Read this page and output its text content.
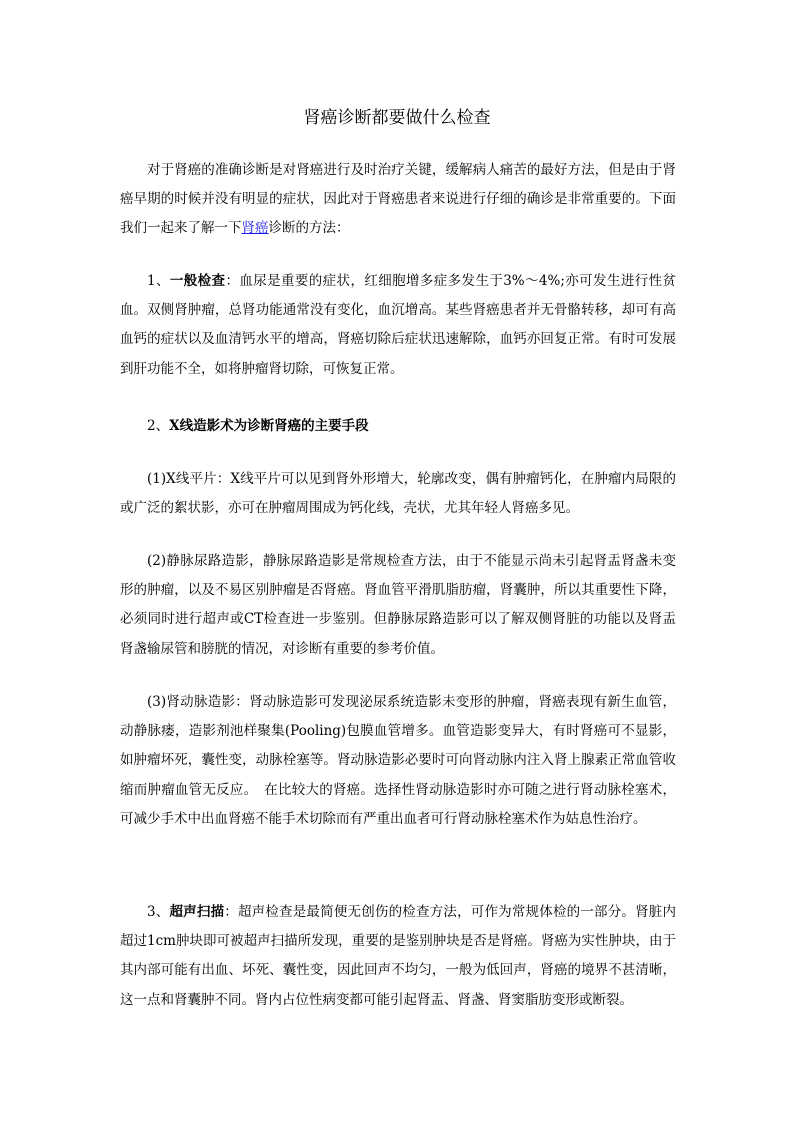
肾癌诊断都要做什么检查

对于肾癌的准确诊断是对肾癌进行及时治疗关键，缓解病人痛苦的最好方法，但是由于肾癌早期的时候并没有明显的症状，因此对于肾癌患者来说进行仔细的确诊是非常重要的。下面我们一起来了解一下肾癌诊断的方法：

1、一般检查：血尿是重要的症状，红细胞增多症多发生于3%～4%;亦可发生进行性贫血。双侧肾肿瘤，总肾功能通常没有变化，血沉增高。某些肾癌患者并无骨骼转移，却可有高血钙的症状以及血清钙水平的增高，肾癌切除后症状迅速解除，血钙亦回复正常。有时可发展到肝功能不全，如将肿瘤肾切除，可恢复正常。

2、X线造影术为诊断肾癌的主要手段

(1)X线平片：X线平片可以见到肾外形增大，轮廓改变，偶有肿瘤钙化，在肿瘤内局限的或广泛的絮状影，亦可在肿瘤周围成为钙化线，壳状，尤其年轻人肾癌多见。

(2)静脉尿路造影，静脉尿路造影是常规检查方法，由于不能显示尚未引起肾盂肾盏未变形的肿瘤，以及不易区别肿瘤是否肾癌。肾血管平滑肌脂肪瘤，肾囊肿，所以其重要性下降，必须同时进行超声或CT检查进一步鉴别。但静脉尿路造影可以了解双侧肾脏的功能以及肾盂肾盏输尿管和膀胱的情况，对诊断有重要的参考价值。

(3)肾动脉造影：肾动脉造影可发现泌尿系统造影未变形的肿瘤，肾癌表现有新生血管，动静脉瘘，造影剂池样聚集(Pooling)包膜血管增多。血管造影变异大，有时肾癌可不显影，如肿瘤坏死，囊性变，动脉栓塞等。肾动脉造影必要时可向肾动脉内注入肾上腺素正常血管收缩而肿瘤血管无反应。　在比较大的肾癌。选择性肾动脉造影时亦可随之进行肾动脉栓塞术，可减少手术中出血肾癌不能手术切除而有严重出血者可行肾动脉栓塞术作为姑息性治疗。

3、超声扫描：超声检查是最简便无创伤的检查方法，可作为常规体检的一部分。肾脏内超过1cm肿块即可被超声扫描所发现，重要的是鉴别肿块是否是肾癌。肾癌为实性肿块，由于其内部可能有出血、坏死、囊性变，因此回声不均匀，一般为低回声，肾癌的境界不甚清晰，这一点和肾囊肿不同。肾内占位性病变都可能引起肾盂、肾盏、肾窦脂肪变形或断裂。
